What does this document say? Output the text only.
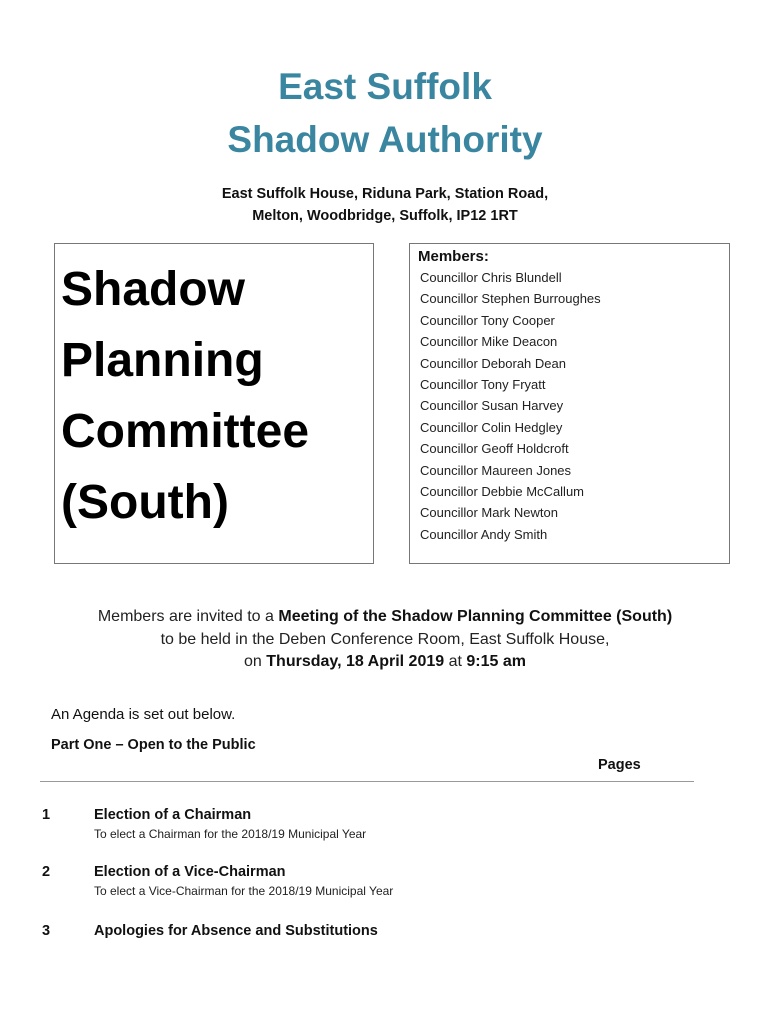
East Suffolk
Shadow Authority
East Suffolk House, Riduna Park, Station Road,
Melton, Woodbridge, Suffolk, IP12 1RT
Shadow
Planning
Committee
(South)
Members:
Councillor Chris Blundell
Councillor Stephen Burroughes
Councillor Tony Cooper
Councillor Mike Deacon
Councillor Deborah Dean
Councillor Tony Fryatt
Councillor Susan Harvey
Councillor Colin Hedgley
Councillor Geoff Holdcroft
Councillor Maureen Jones
Councillor Debbie McCallum
Councillor Mark Newton
Councillor Andy Smith
Members are invited to a Meeting of the Shadow Planning Committee (South)
to be held in the Deben Conference Room, East Suffolk House,
on Thursday, 18 April 2019 at 9:15 am
An Agenda is set out below.
Part One – Open to the Public
Pages
1	Election of a Chairman
To elect a Chairman for the 2018/19 Municipal Year
2	Election of a Vice-Chairman
To elect a Vice-Chairman for the 2018/19 Municipal Year
3	Apologies for Absence and Substitutions
